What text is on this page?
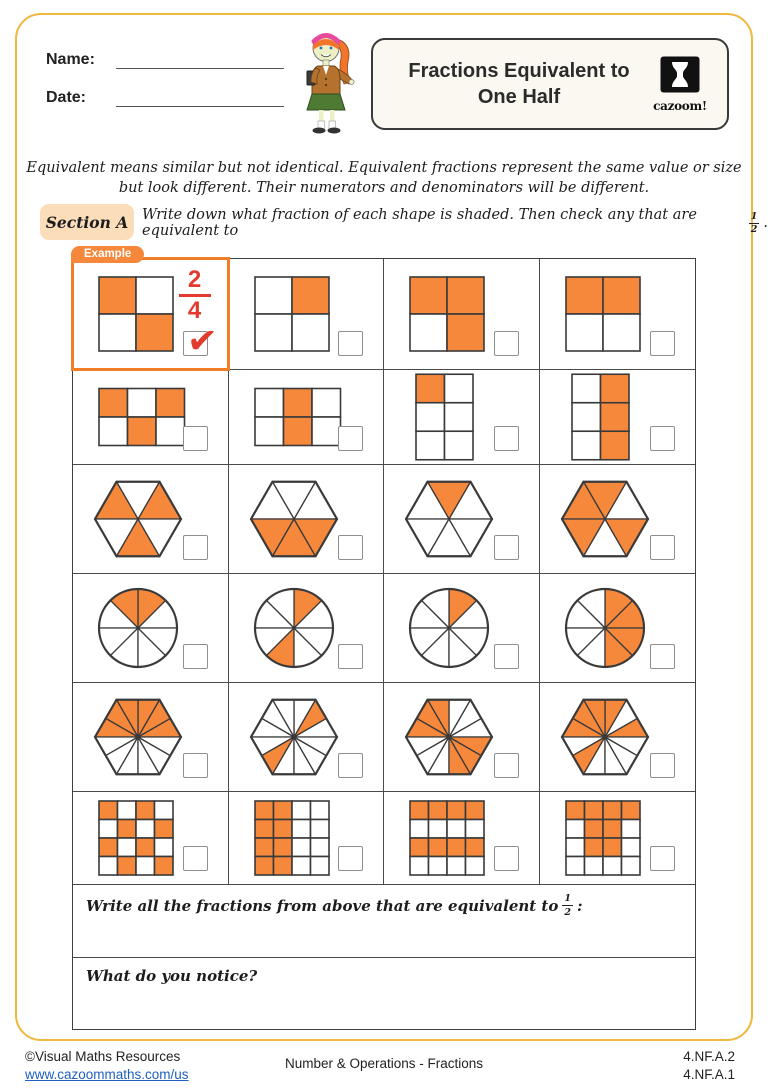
Name:
Date:
Fractions Equivalent to One Half	cazoom!
Equivalent means similar but not identical. Equivalent fractions represent the same value or size
but look different. Their numerators and denominators will be different.
Section A Write down what fraction of each shape is shaded. Then check any that are equivalent to	$\frac{1}{2}$ .
Example
$\frac{2}{4}$
✔
Write all the fractions from above that are equivalent to $\frac{1}{2}$ :
What do you notice?
©Visual Maths Resources
www.cazoommaths.com/us
Number & Operations - Fractions	4.NF.A.2
4.NF.A.1
